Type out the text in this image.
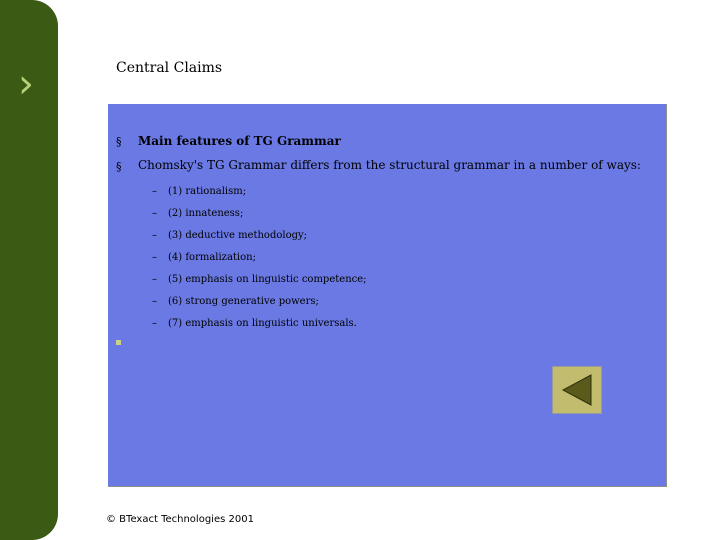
›	Central Claims
§ Main features of TG Grammar
§ Chomsky's TG Grammar differs from the structural grammar in a number of ways:
–	(1) rationalism;
–	(2) innateness;
–	(3) deductive methodology;
–	(4) formalization;
–	(5) emphasis on linguistic competence;
–	(6) strong generative powers;
–	(7) emphasis on linguistic universals.
© BTexact Technologies 2001
